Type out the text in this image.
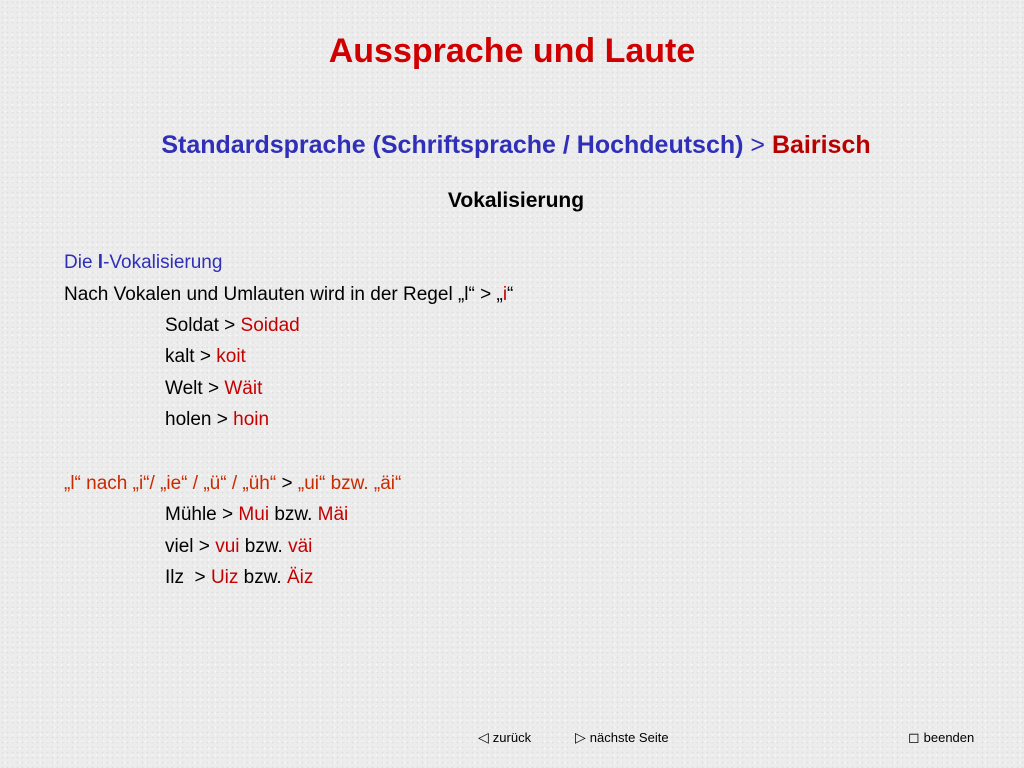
Aussprache und Laute
Standardsprache (Schriftsprache / Hochdeutsch) > Bairisch
Vokalisierung
Die l-Vokalisierung
Nach Vokalen und Umlauten wird in der Regel „l“ > „i“
Soldat > Soidad
kalt > koit
Welt > Wäit
holen > hoin
„l“ nach „i“/ „ie“ / „ü“ / „üh“ > „ui“ bzw. „äi“
Mühle > Mui bzw. Mäi
viel > vui bzw. väi
Ilz  > Uiz bzw. Äiz
◁ zurück	▷ nächste Seite	◻ beenden
